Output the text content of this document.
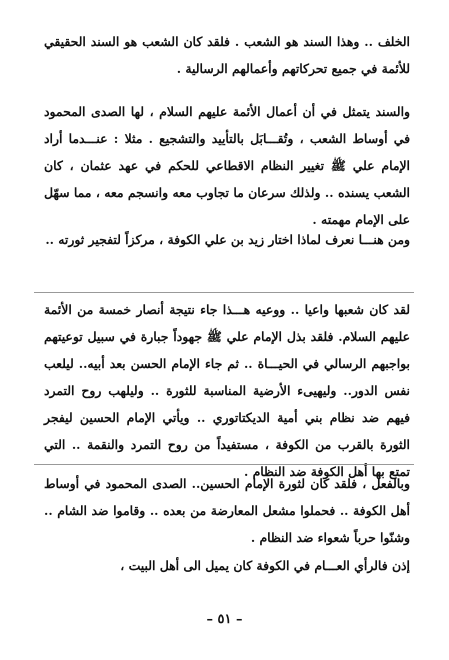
الخلف .. وهذا السند هو الشعب . فلقد كان الشعب هو السند الحقيقي للأئمة في جميع تحركاتهم وأعمالهم الرسالية .

والسند يتمثل في أن أعمال الأئمة عليهم السلام ، لها الصدى المحمود في أوساط الشعب ، وتُقـــابَل بالتأييد والتشجيع . مثلا : عنـــدما أراد الإمام علي ﷺ تغيير النظام الاقطاعي للحكم في عهد عثمان ، كان الشعب يسنده .. ولذلك سرعان ما تجاوب معه وانسجم معه ، مما سهّل على الإمام مهمته .

ومن هنـــا نعرف لماذا اختار زيد بن علي الكوفة ، مركزاً لتفجير ثورته ..

لقد كان شعبها واعيا .. ووعيه هـــذا جاء نتيجة أنصار خمسة من الأئمة عليهم السلام. فلقد بذل الإمام علي ﷺ جهوداً جبارة في سبيل توعيتهم بواجبهم الرسالي في الحيـــاة .. ثم جاء الإمام الحسن بعد أبيه.. ليلعب نفس الدور.. وليهيىء الأرضية المناسبة للثورة .. وليلهب روح التمرد فيهم ضد نظام بني أمية الديكتاتوري .. ويأتي الإمام الحسين ليفجر الثورة بالقرب من الكوفة ، مستفيداً من روح التمرد والنقمة .. التي تمتع بها أهل الكوفة ضد النظام .

وبالفعل ، فلقد كان لثورة الإمام الحسين.. الصدى المحمود في أوساط أهل الكوفة .. فحملوا مشعل المعارضة من بعده .. وقاموا ضد الشام .. وشنّوا حرباً شعواء ضد النظام .

إذن فالرأي العـــام في الكوفة كان يميل الى أهل البيت ،

– ٥١ –
